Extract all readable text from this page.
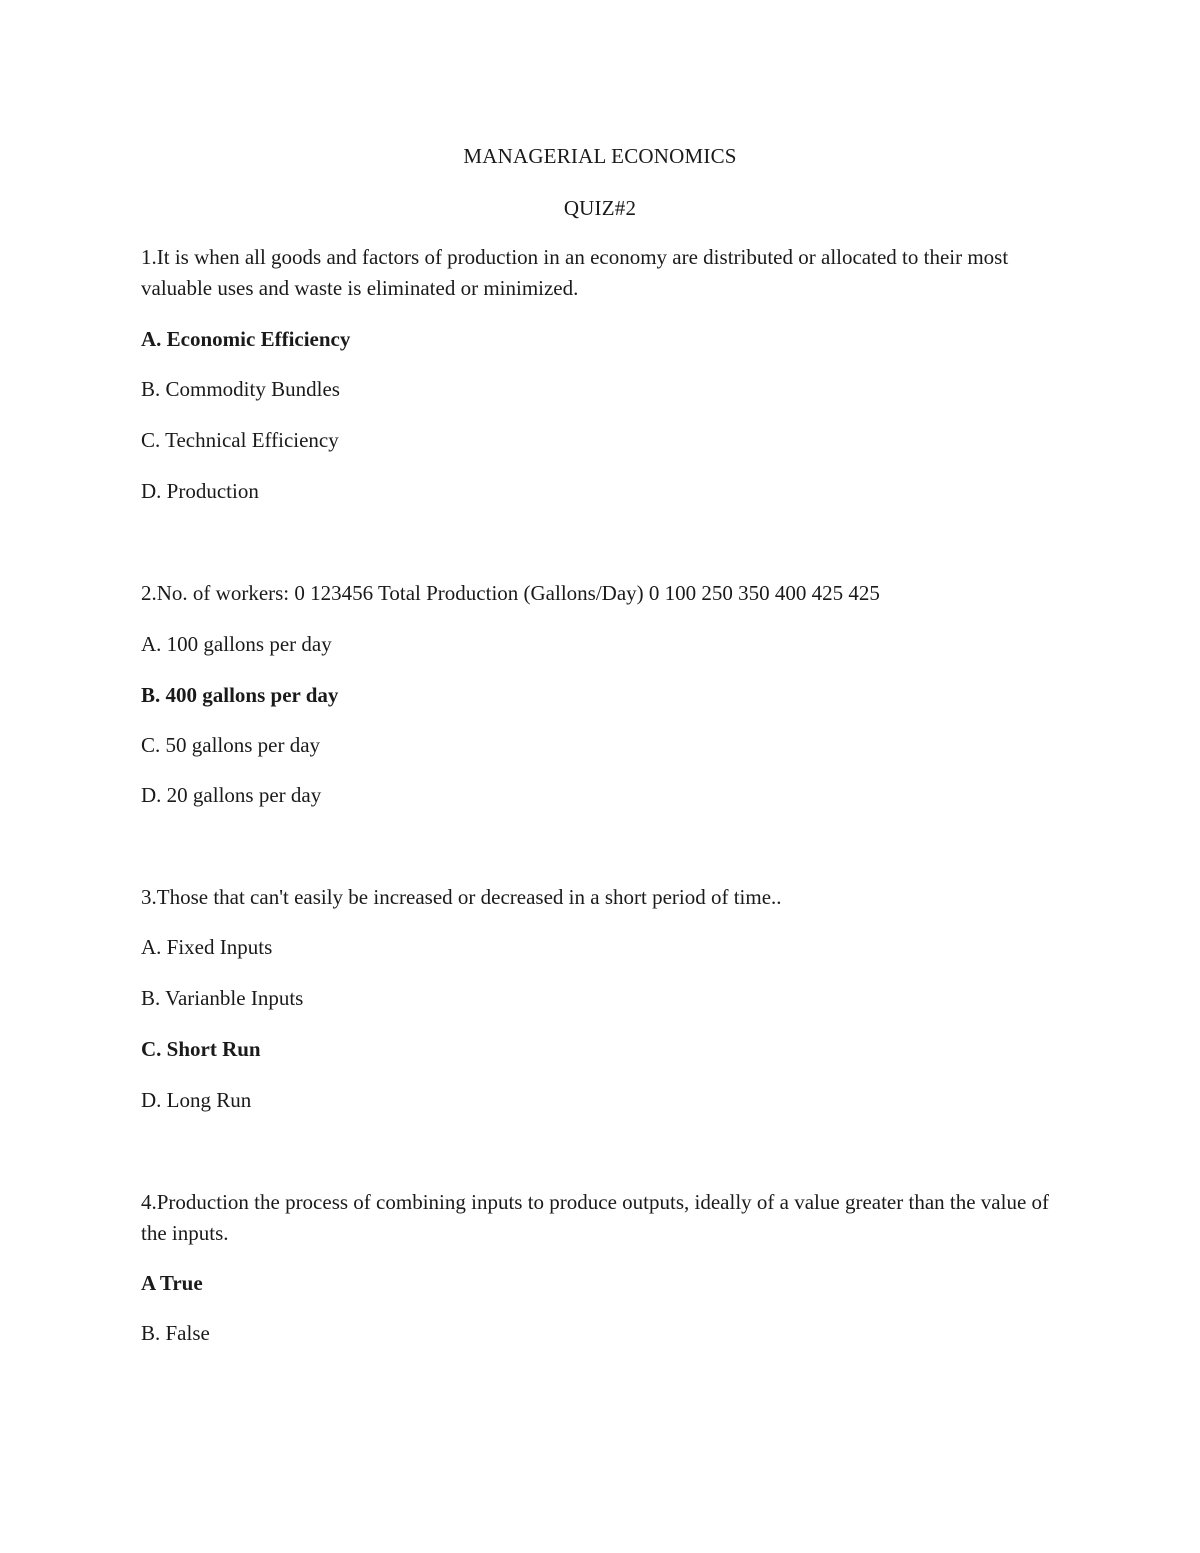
MANAGERIAL ECONOMICS
QUIZ#2
1.It is when all goods and factors of production in an economy are distributed or allocated to their most valuable uses and waste is eliminated or minimized.
A. Economic Efficiency
B. Commodity Bundles
C. Technical Efficiency
D. Production
2.No. of workers: 0 123456 Total Production (Gallons/Day) 0 100 250 350 400 425 425
A. 100 gallons per day
B. 400 gallons per day
C. 50 gallons per day
D. 20 gallons per day
3.Those that can't easily be increased or decreased in a short period of time..
A. Fixed Inputs
B. Varianble Inputs
C. Short Run
D. Long Run
4.Production the process of combining inputs to produce outputs, ideally of a value greater than the value of the inputs.
A True
B. False
